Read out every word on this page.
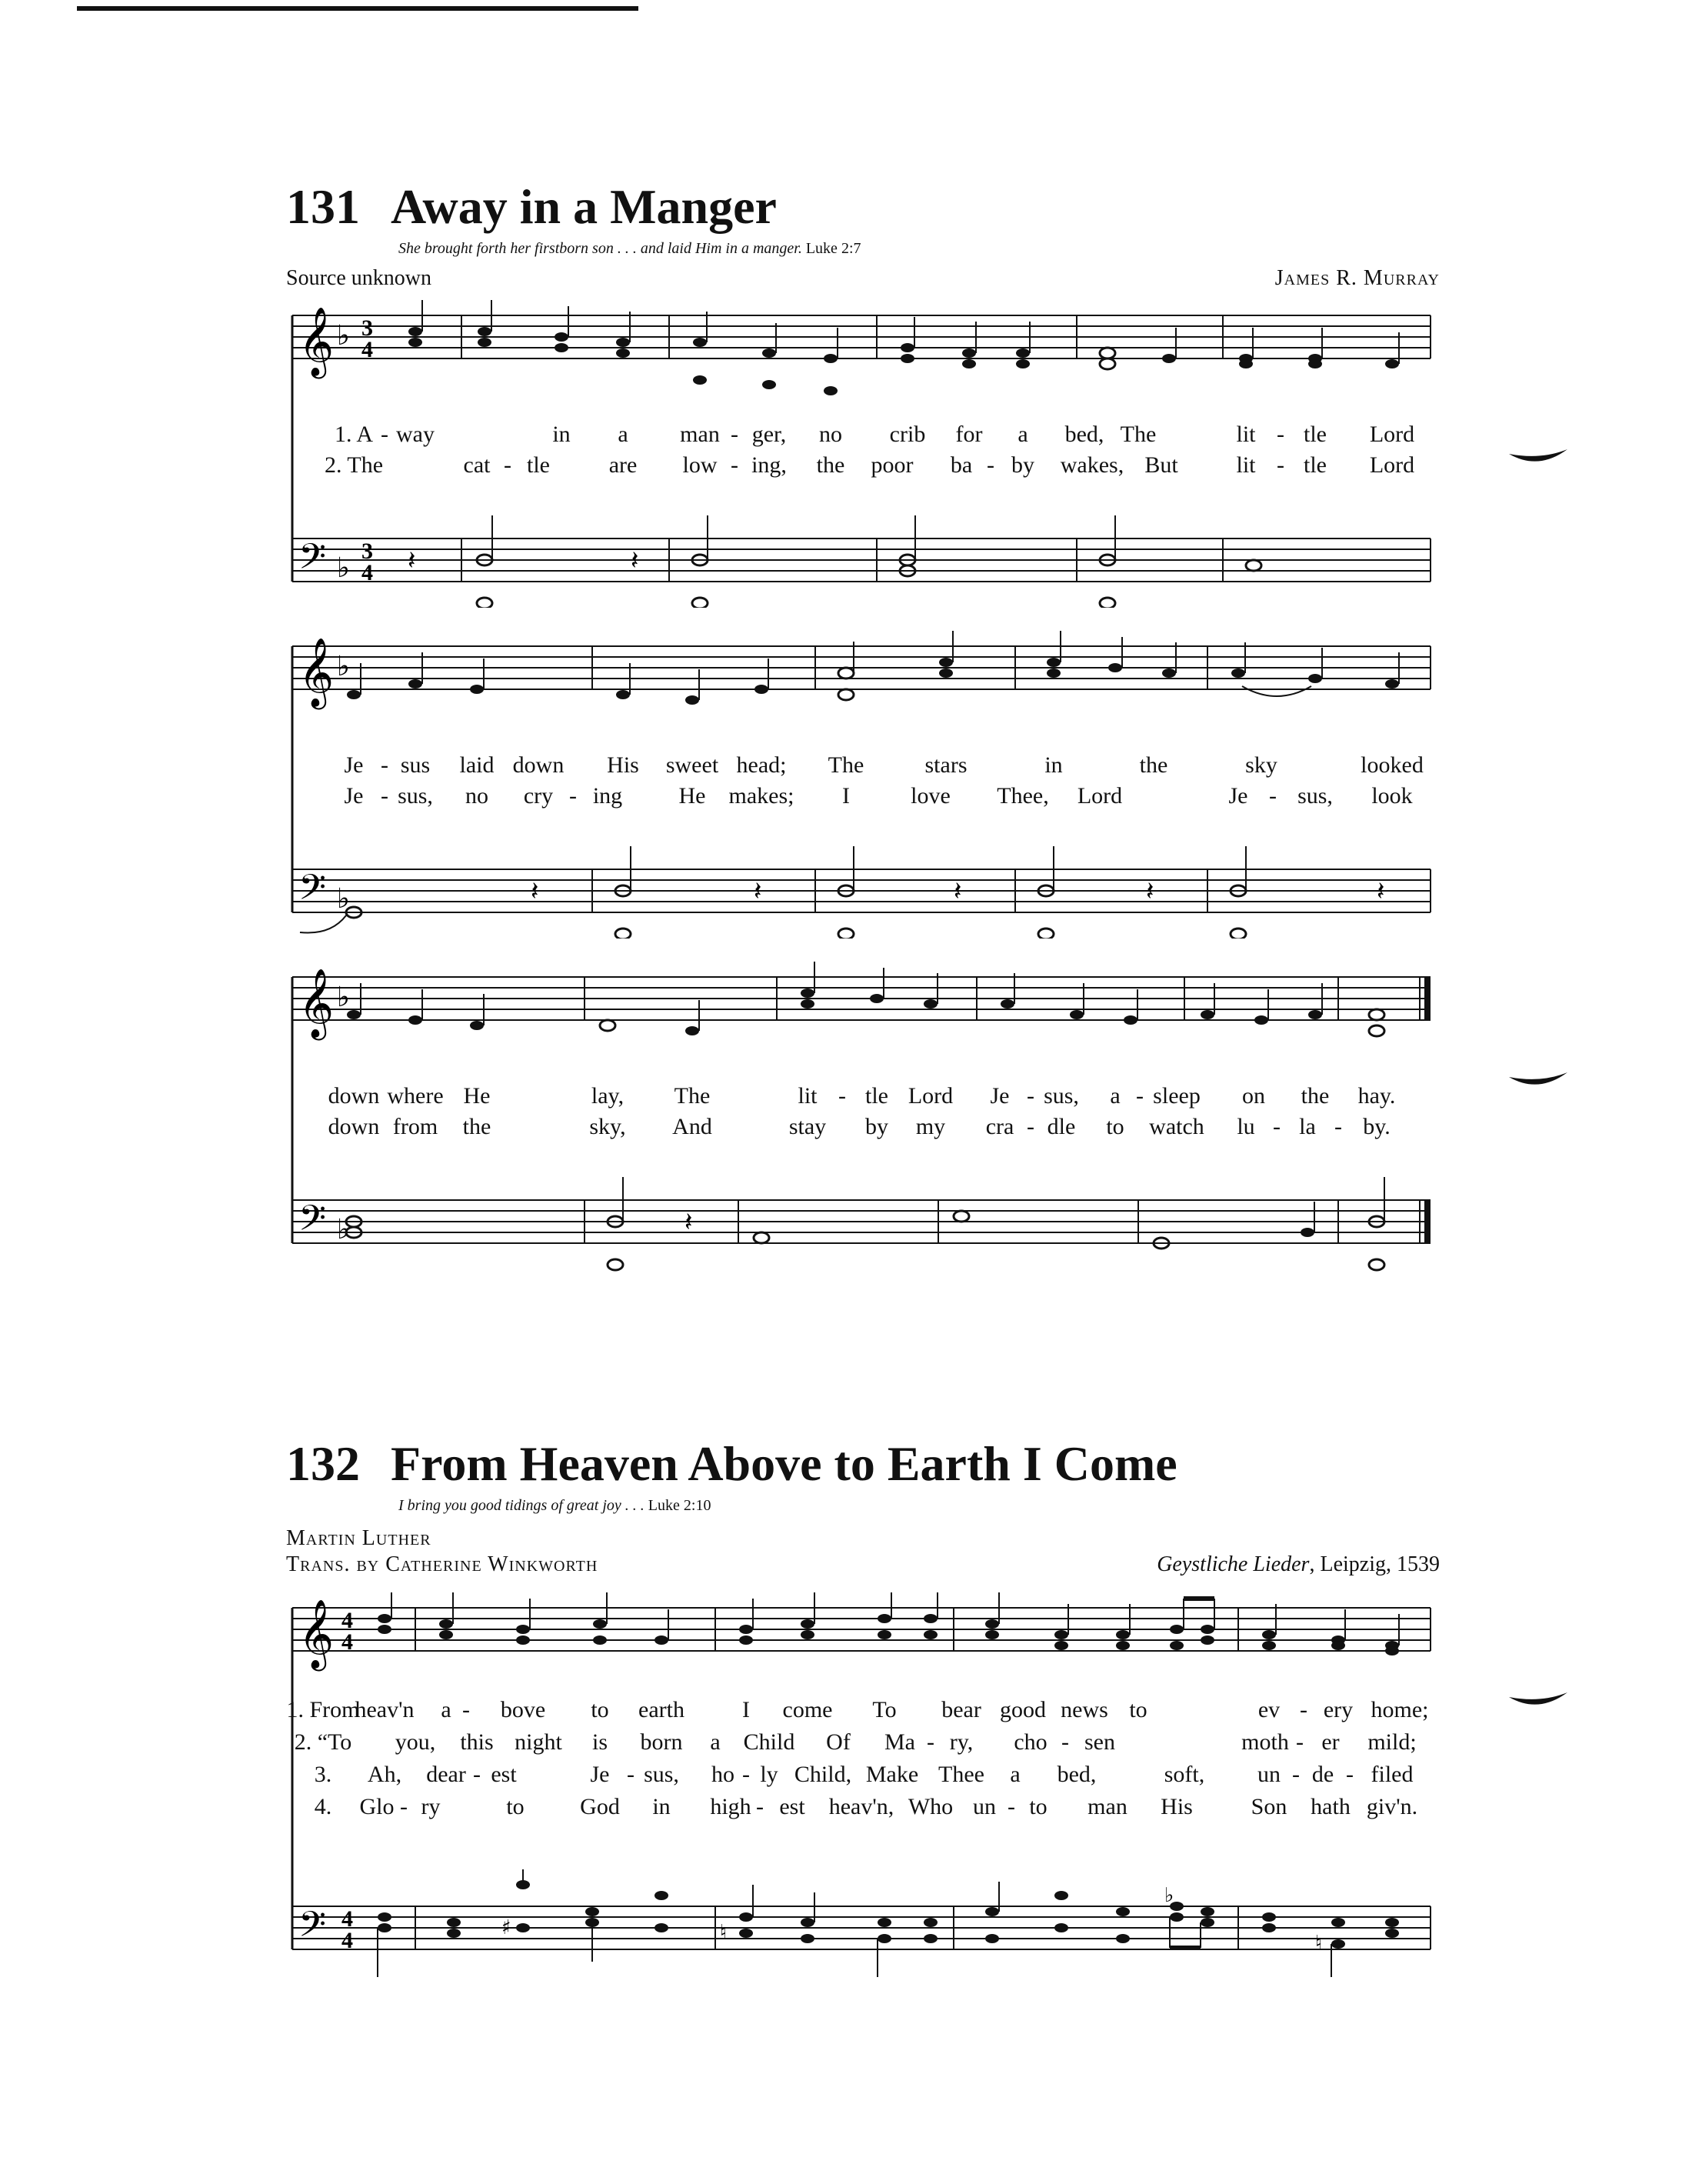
131 Away in a Manger
She brought forth her firstborn son . . . and laid Him in a manger. Luke 2:7
Source unknown	James R. Murray
𝄞 ♭ 3
4
𝄢 ♭
3
4 𝄽	𝄽
1. A - way	in a man - ger, no crib for a bed, The	lit - tle Lord
2. The	cat - tle	are low - ing, the poor ba - by wakes, But	lit - tle Lord
𝄞 ♭
𝄢 ♭	𝄽	𝄽	𝄽	𝄽	𝄽
Je - sus laid down His sweet head; The	stars	in	the	sky	looked
Je - sus, no cry - ing He makes; I	love Thee, Lord	Je - sus, look
𝄞 ♭
𝄢 ♭	𝄽
down where He	lay, The	lit - tle Lord Je - sus, a - sleep on the hay.
down from the	sky, And	stay by my cra - dle to watch lu - la - by.
132 From Heaven Above to Earth I Come
I bring you good tidings of great joy . . . Luke 2:10
Martin Luther
Trans. by Catherine Winkworth	Geystliche Lieder, Leipzig, 1539
𝄞 4
4
𝄢 4
4	♯	♮
♭
♮
1. From
heav'n a - bove to earth	I come To bear good news to	ev - ery home;
2. “To you, this night is born a Child Of Ma - ry, cho - sen	moth - er mild;
3. Ah, dear - est	Je - sus, ho - ly Child, Make Thee a bed,	soft, un - de - filed
4. Glo - ry	to God in high - est heav'n, Who un - to man His	Son hath giv'n.
